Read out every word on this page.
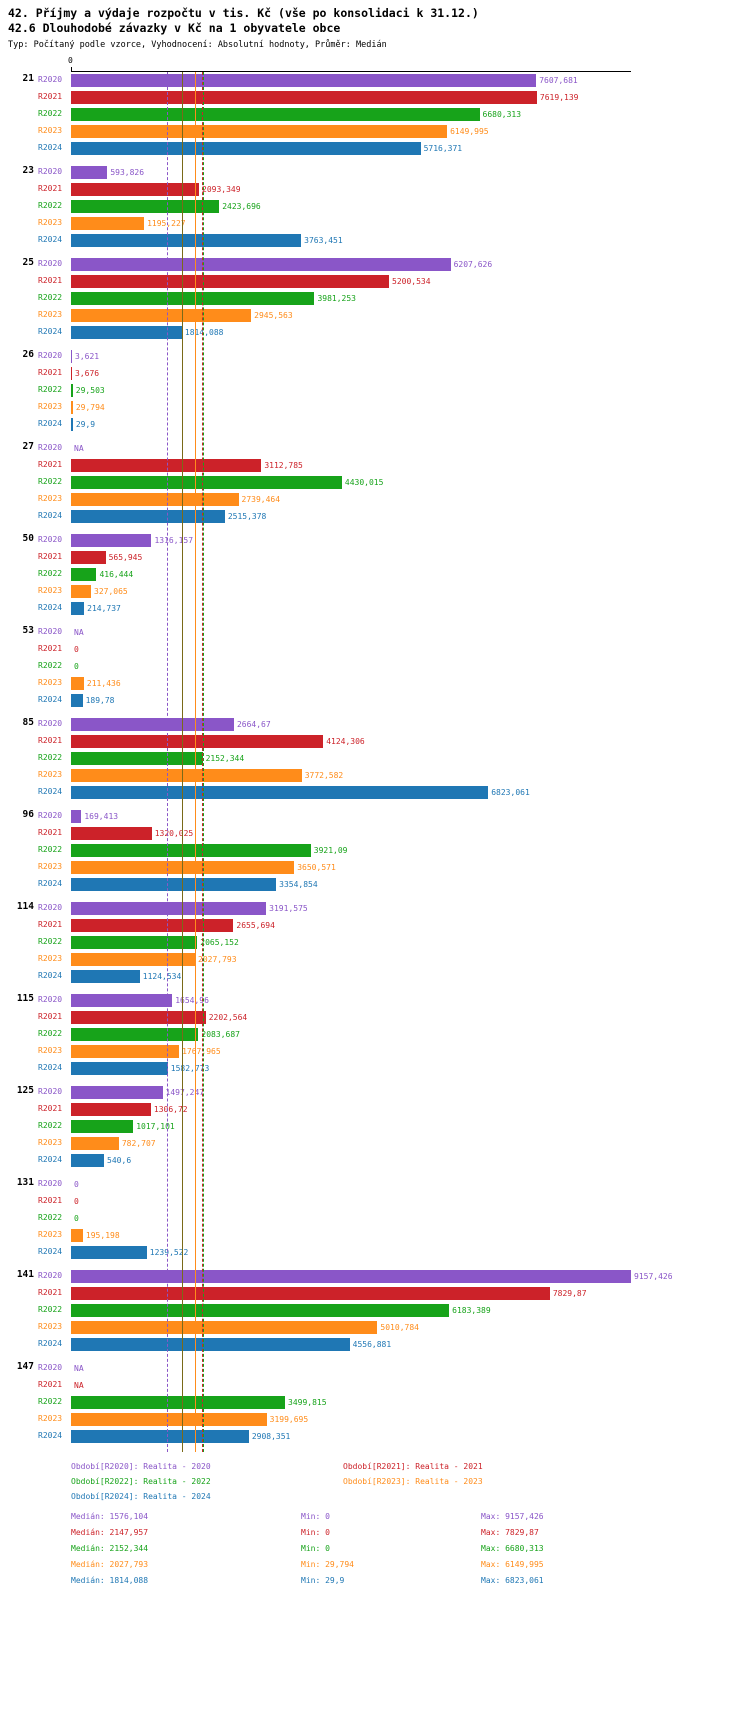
42. Příjmy a výdaje rozpočtu v tis. Kč (vše po konsolidaci k 31.12.)
42.6 Dlouhodobé závazky v Kč na 1 obyvatele obce
Typ: Počítaný podle vzorce, Vyhodnocení: Absolutní hodnoty, Průměr: Medián
0
21 R2020	7607,681
R2021	7619,139
R2022	6680,313
R2023	6149,995
R2024	5716,371
23 R2020	593,826
R2021	2093,349
R2022	2423,696
R2023	1195,227
R2024	3763,451
25 R2020	6207,626
R2021	5200,534
R2022	3981,253
R2023	2945,563
R2024	1814,088
26 R2020	3,621
R2021	3,676
R2022	29,503
R2023	29,794
R2024	29,9
27 R2020	NA
R2021	3112,785
R2022	4430,015
R2023	2739,464
R2024	2515,378
50 R2020	1316,157
R2021	565,945
R2022	416,444
R2023	327,065
R2024	214,737
53 R2020	NA
R2021	0
R2022	0
R2023	211,436
R2024	189,78
85 R2020	2664,67
R2021	4124,306
R2022	2152,344
R2023	3772,582
R2024	6823,061
96 R2020	169,413
R2021	1320,025
R2022	3921,09
R2023	3650,571
R2024	3354,854
114 R2020	3191,575
R2021	2655,694
R2022	2065,152
R2023	2027,793
R2024	1124,534
115 R2020	1654,96
R2021	2202,564
R2022	2083,687
R2023	1767,965
R2024	1582,773
125 R2020	1497,247
R2021	1306,72
R2022	1017,101
R2023	782,707
R2024	540,6
131 R2020	0
R2021	0
R2022	0
R2023	195,198
R2024	1239,522
141 R2020	9157,426
R2021	7829,87
R2022	6183,389
R2023	5010,784
R2024	4556,881
147 R2020	NA
R2021	NA
R2022	3499,815
R2023	3199,695
R2024	2908,351
Období[R2020]: Realita - 2020	Období[R2021]: Realita - 2021
Období[R2022]: Realita - 2022	Období[R2023]: Realita - 2023
Období[R2024]: Realita - 2024
Medián: 1576,104	Min: 0	Max: 9157,426
Medián: 2147,957	Min: 0	Max: 7829,87
Medián: 2152,344	Min: 0	Max: 6680,313
Medián: 2027,793	Min: 29,794	Max: 6149,995
Medián: 1814,088	Min: 29,9	Max: 6823,061
